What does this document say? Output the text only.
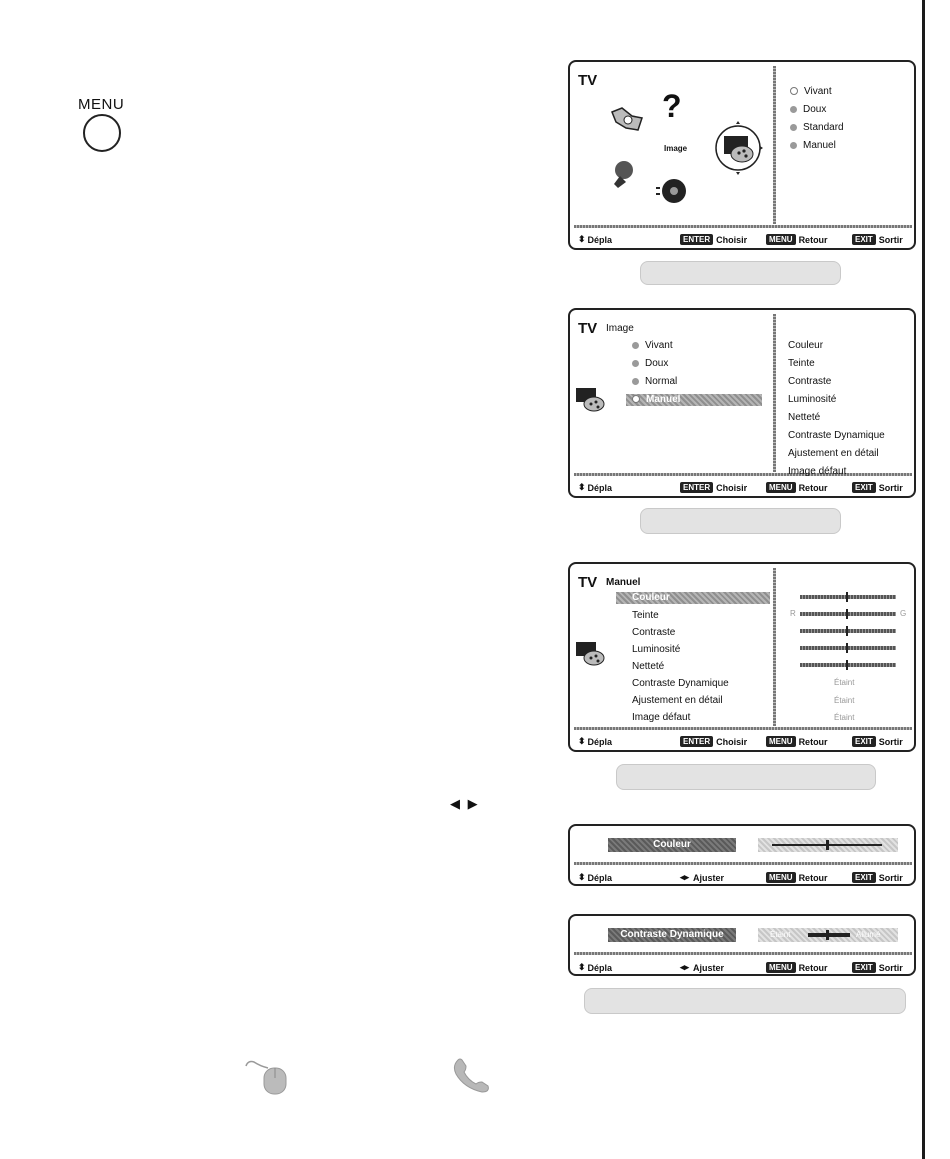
MENU
TV
?
Image
Vivant
Doux
Standard
Manuel
⬍ Dépla	ENTER Choisir	MENU Retour	EXIT Sortir
TV Image
Vivant
Doux
Normal
Manuel
Couleur
Teinte
Contraste
Luminosité
Netteté
Contraste Dynamique
Ajustement en détail
Image défaut
⬍ Dépla	ENTER Choisir	MENU Retour	EXIT Sortir
TV Manuel
Couleur
Teinte
Contraste
Luminosité
Netteté
Contraste Dynamique
Ajustement en détail
Image défaut
R	G
Étaint
Étaint
Étaint
⬍ Dépla	ENTER Choisir	MENU Retour	EXIT Sortir
◀ ▶
Couleur
⬍ Dépla	◂▸ Ajuster	MENU Retour	EXIT Sortir
Contraste Dynamique	Étaint	Allumé
⬍ Dépla	◂▸ Ajuster	MENU Retour	EXIT Sortir
